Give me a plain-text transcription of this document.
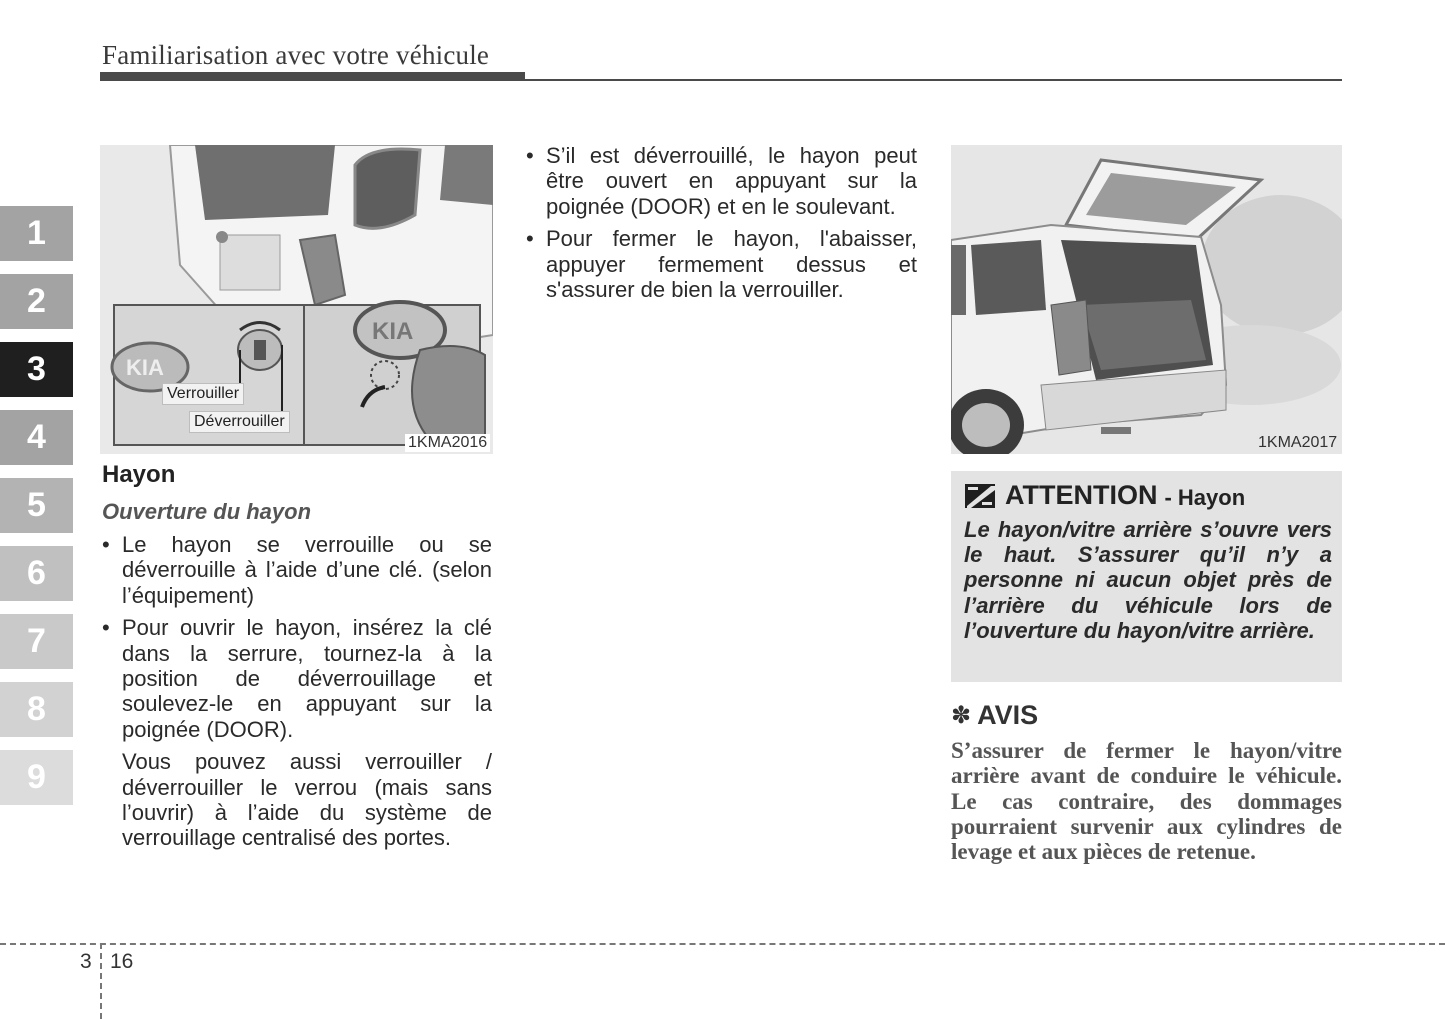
Familiarisation avec votre véhicule
1
2
3
4
5
6
7
8
9
KIA
KIA
Verrouiller
Déverrouiller
1KMA2016
Hayon
Ouverture du hayon

• Le hayon se verrouille ou se déverrouille à l’aide d’une clé. (selon l’équipement)

• Pour ouvrir le hayon, insérez la clé dans la serrure, tournez-la à la position de déverrouillage et soulevez-le en appuyant sur la poignée (DOOR).

Vous pouvez aussi verrouiller / déverrouiller le verrou (mais sans l’ouvrir) à l’aide du système de verrouillage centralisé des portes.

• S’il est déverrouillé, le hayon peut être ouvert en appuyant sur la poignée (DOOR) et en le soulevant.

• Pour fermer le hayon, l'abaisser, appuyer fermement dessus et s'assurer de bien la verrouiller.

1KMA2017
ATTENTION - Hayon
Le hayon/vitre arrière s’ouvre vers le haut. S’assurer qu’il n’y a personne ni aucun objet près de l’arrière du véhicule lors de l’ouverture du hayon/vitre arrière.
✽ AVIS
S’assurer de fermer le hayon/vitre arrière avant de conduire le véhicule. Le cas contraire, des dommages pourraient survenir aux cylindres de levage et aux pièces de retenue.
3 16
